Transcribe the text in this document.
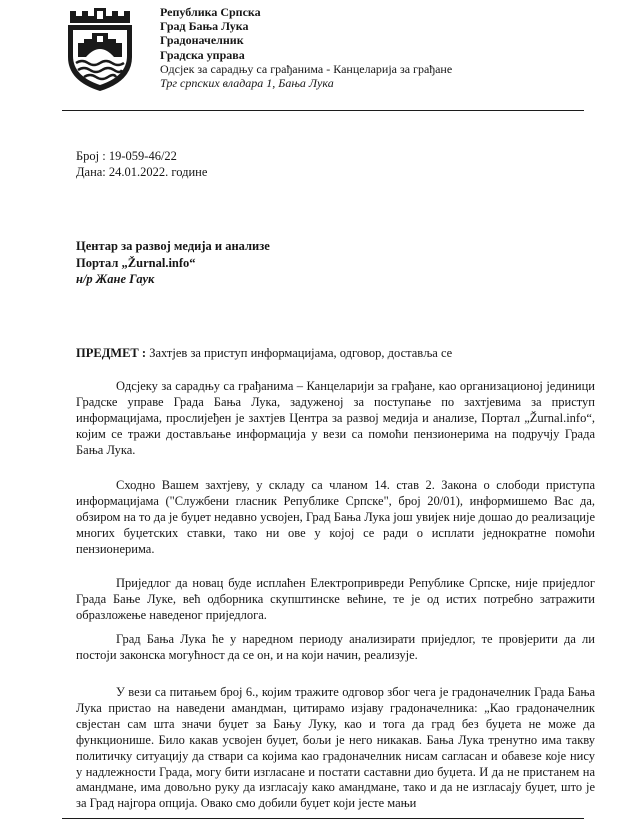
Република Српска
Град Бања Лука
Градоначелник
Градска управа
Одсјек за сарадњу са грађанима - Канцеларија за грађане
Трг српских владара 1, Бања Лука
Број : 19-059-46/22
Дана: 24.01.2022. године
Центар за развој медија и анализе
Портал „Žurnal.info“
н/р Жане Гаук
ПРЕДМЕТ : Захтјев за приступ информацијама, одговор, доставља се

Одсјеку за сарадњу са грађанима – Канцеларији за грађане, као организационој јединици Градске управе Града Бања Лука, задуженој за поступање по захтјевима за приступ информацијама, прослијеђен је захтјев Центра за развој медија и анализе, Портал „Žurnal.info“, којим се тражи достављање информација у вези са помоћи пензионерима на подручју Града Бања Лука.

Сходно Вашем захтјеву, у складу са чланом 14. став 2. Закона о слободи приступа информацијама ("Службени гласник Републике Српске", број 20/01), информишемо Вас да, обзиром на то да је буџет недавно усвојен, Град Бања Лука још увијек није дошао до реализације многих буџетских ставки, тако ни ове у којој се ради о исплати једнократне помоћи пензионерима.

Приједлог да новац буде исплаћен Електропривреди Републике Српске, није приједлог Града Бање Луке, већ одборника скупштинске већине, те је од истих потребно затражити образложење наведеног приједлога.

Град Бања Лука ће у наредном периоду анализирати приједлог, те провјерити да ли постоји законска могућност да се он, и на који начин, реализује.

У вези са питањем број 6., којим тражите одговор због чега је градоначелник Града Бања Лука пристао на наведени амандман, цитирамо изјаву градоначелника: „Као градоначелник свјестан сам шта значи буџет за Бању Луку, као и тога да град без буџета не може да функционише. Било какав усвојен буџет, бољи је него никакав. Бања Лука тренутно има такву политичку ситуацију да ствари са којима као градоначелник нисам сагласан и обавезе које нису у надлежности Града, могу бити изгласане и постати саставни дио буџета. И да не пристанем на амандмане, има довољно руку да изгласају како амандмане, тако и да не изгласају буџет, што је за Град најгора опција. Овако смо добили буџет који јесте мањи
